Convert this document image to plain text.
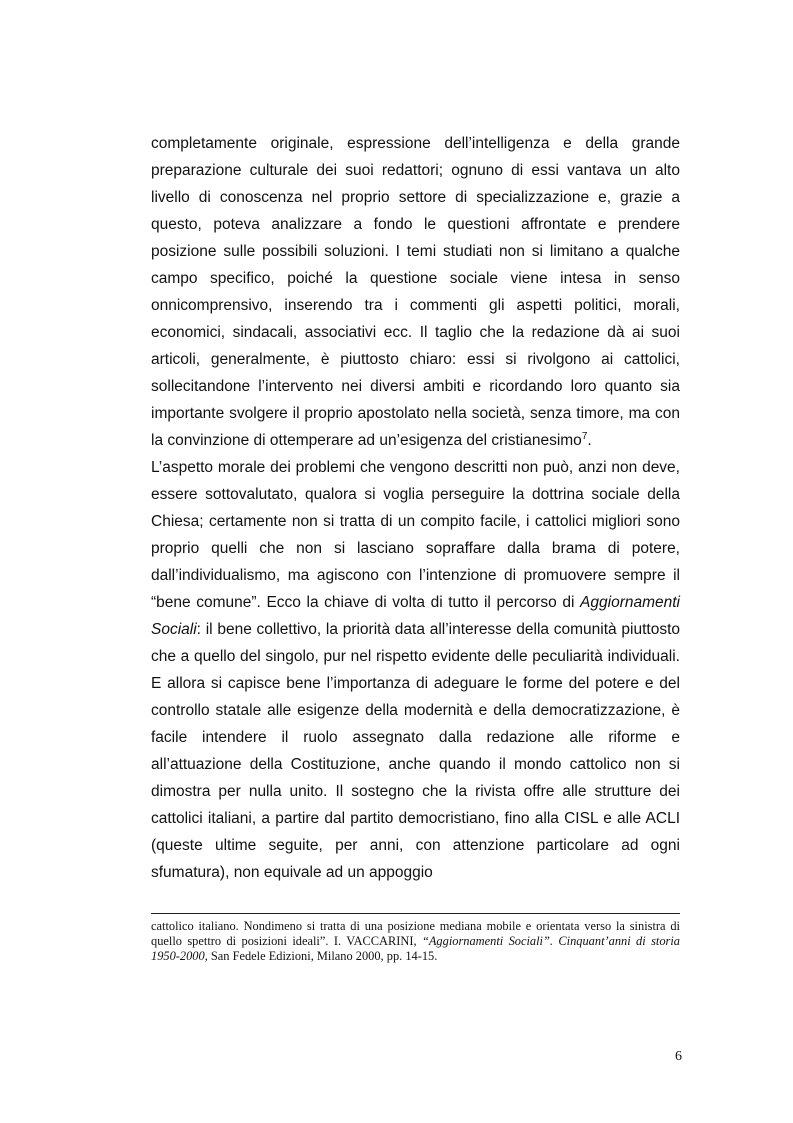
completamente originale, espressione dell’intelligenza e della grande preparazione culturale dei suoi redattori; ognuno di essi vantava un alto livello di conoscenza nel proprio settore di specializzazione e, grazie a questo, poteva analizzare a fondo le questioni affrontate e prendere posizione sulle possibili soluzioni. I temi studiati non si limitano a qualche campo specifico, poiché la questione sociale viene intesa in senso onnicomprensivo, inserendo tra i commenti gli aspetti politici, morali, economici, sindacali, associativi ecc. Il taglio che la redazione dà ai suoi articoli, generalmente, è piuttosto chiaro: essi si rivolgono ai cattolici, sollecitandone l’intervento nei diversi ambiti e ricordando loro quanto sia importante svolgere il proprio apostolato nella società, senza timore, ma con la convinzione di ottemperare ad un’esigenza del cristianesimo$^7$.

L’aspetto morale dei problemi che vengono descritti non può, anzi non deve, essere sottovalutato, qualora si voglia perseguire la dottrina sociale della Chiesa; certamente non si tratta di un compito facile, i cattolici migliori sono proprio quelli che non si lasciano sopraffare dalla brama di potere, dall’individualismo, ma agiscono con l’intenzione di promuovere sempre il “bene comune”. Ecco la chiave di volta di tutto il percorso di Aggiornamenti Sociali: il bene collettivo, la priorità data all’interesse della comunità piuttosto che a quello del singolo, pur nel rispetto evidente delle peculiarità individuali. E allora si capisce bene l’importanza di adeguare le forme del potere e del controllo statale alle esigenze della modernità e della democratizzazione, è facile intendere il ruolo assegnato dalla redazione alle riforme e all’attuazione della Costituzione, anche quando il mondo cattolico non si dimostra per nulla unito. Il sostegno che la rivista offre alle strutture dei cattolici italiani, a partire dal partito democristiano, fino alla CISL e alle ACLI (queste ultime seguite, per anni, con attenzione particolare ad ogni sfumatura), non equivale ad un appoggio

cattolico italiano. Nondimeno si tratta di una posizione mediana mobile e orientata verso la sinistra di quello spettro di posizioni ideali”. I. VACCARINI, “Aggiornamenti Sociali”. Cinquant’anni di storia 1950-2000, San Fedele Edizioni, Milano 2000, pp. 14-15.
6
